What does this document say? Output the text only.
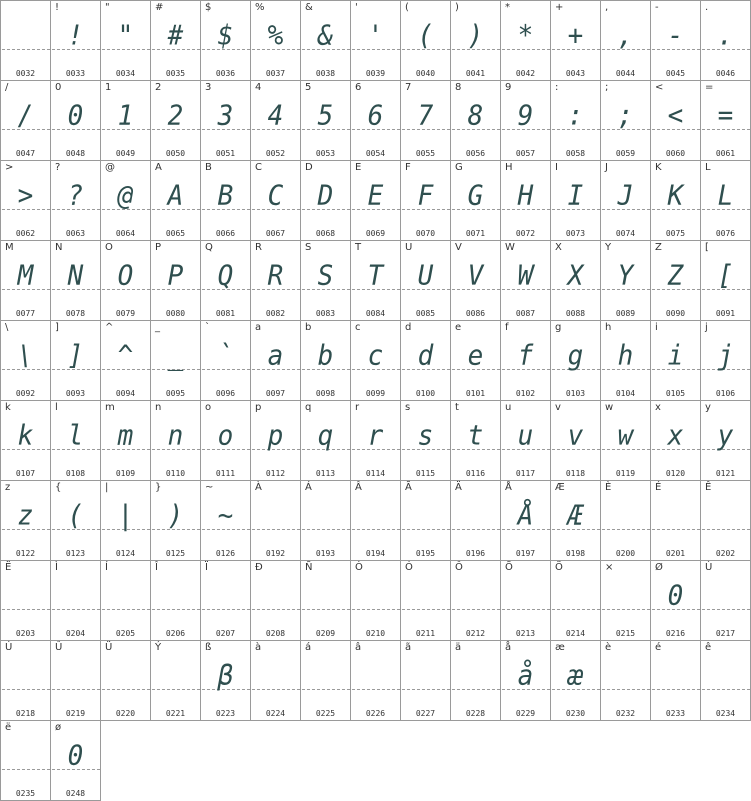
0032
!
!
0033
"
"
0034
#
#
0035
$
$
0036
%
%
0037
&
&
0038
'
'
0039
(
(
0040
)
)
0041
*
*
0042
+
+
0043
,
,
0044
-
-
0045
.
.
0046
/
/
0047
0
0
0048
1
1
0049
2
2
0050
3
3
0051
4
4
0052
5
5
0053
6
6
0054
7
7
0055
8
8
0056
9
9
0057
:
:
0058
;
;
0059
<
<
0060
=
=
0061
>
>
0062
?
?
0063
@
@
0064
A
A
0065
B
B
0066
C
C
0067
D
D
0068
E
E
0069
F
F
0070
G
G
0071
H
H
0072
I
I
0073
J
J
0074
K
K
0075
L
L
0076
M
M
0077
N
N
0078
O
O
0079
P
P
0080
Q
Q
0081
R
R
0082
S
S
0083
T
T
0084
U
U
0085
V
V
0086
W
W
0087
X
X
0088
Y
Y
0089
Z
Z
0090
[
[
0091
\
\
0092
]
]
0093
^
^
0094
_
_
0095
`
`
0096
a
a
0097
b
b
0098
c
c
0099
d
d
0100
e
e
0101
f
f
0102
g
g
0103
h
h
0104
i
i
0105
j
j
0106
k
k
0107
l
l
0108
m
m
0109
n
n
0110
o
o
0111
p
p
0112
q
q
0113
r
r
0114
s
s
0115
t
t
0116
u
u
0117
v
v
0118
w
w
0119
x
x
0120
y
y
0121
z
z
0122
{
(
0123
|
|
0124
}
)
0125
~
~
0126
À
0192
Á
0193
Â
0194
Ã
0195
Ä
0196
Å
Å
0197
Æ
Æ
0198
È
0200
É
0201
Ê
0202
Ë
0203
Ì
0204
Í
0205
Î
0206
Ï
0207
Ð
0208
Ñ
0209
Ò
0210
Ó
0211
Ô
0212
Õ
0213
Ö
0214
×
0215
Ø
0
0216
Ù
0217
Ú
0218
Û
0219
Ü
0220
Ý
0221
ß
β
0223
à
0224
á
0225
â
0226
ã
0227
ä
0228
å
å
0229
æ
æ
0230
è
0232
é
0233
ê
0234
ë
0235
ø
0
0248
